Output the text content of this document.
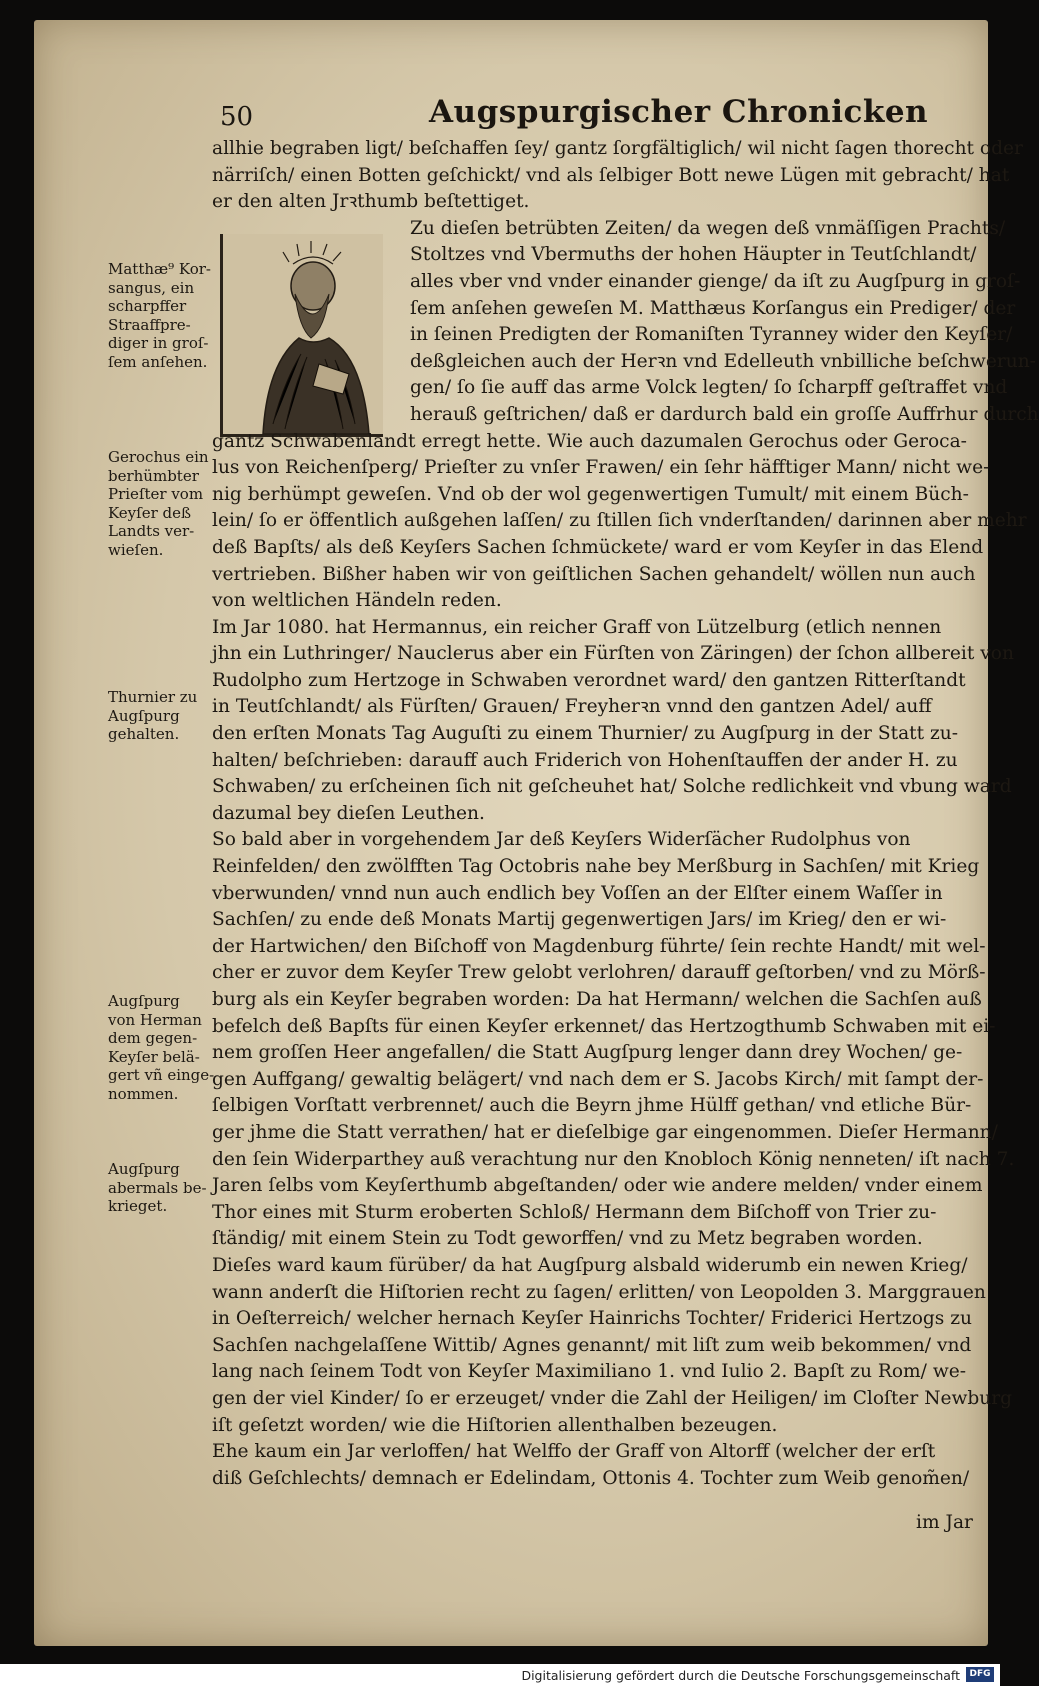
50	Augspurgischer Chronicken
Matthæ⁹ Kor-
sangus, ein
scharpffer
Straaffpre-
diger in groſ-
ſem anſehen.
Gerochus ein
berhümbter
Prieſter vom
Keyſer deß
Landts ver-
wieſen.
Thurnier zu
Augſpurg
gehalten.
Augſpurg
von Herman
dem gegen-
Keyſer belä-
gert vñ einge-
nommen.
Augſpurg
abermals be-
krieget.
allhie begraben ligt/ beſchaffen ſey/ gantz ſorgfältiglich/ wil nicht ſagen thorecht oder
närriſch/ einen Botten geſchickt/ vnd als ſelbiger Bott newe Lügen mit gebracht/ hat
er den alten Jrꝛthumb beſtettiget.
Zu dieſen betrübten Zeiten/ da wegen deß vnmäſſigen Prachts/
Stoltzes vnd Vbermuths der hohen Häupter in Teutſchlandt/
alles vber vnd vnder einander gienge/ da iſt zu Augſpurg in groſ-
ſem anſehen geweſen M. Matthæus Korſangus ein Prediger/ der
in ſeinen Predigten der Romaniſten Tyranney wider den Keyſer/
deßgleichen auch der Herꝛn vnd Edelleuth vnbilliche beſchwerun-
gen/ ſo ſie auff das arme Volck legten/ ſo ſcharpff geſtraffet vnd
herauß geſtrichen/ daß er dardurch bald ein groſſe Auffrhur durch
gantz Schwabenlandt erregt hette. Wie auch dazumalen Gerochus oder Geroca-
lus von Reichenſperg/ Prieſter zu vnſer Frawen/ ein ſehr häfftiger Mann/ nicht we-
nig berhümpt geweſen. Vnd ob der wol gegenwertigen Tumult/ mit einem Büch-
lein/ ſo er öffentlich außgehen laſſen/ zu ſtillen ſich vnderſtanden/ darinnen aber mehr
deß Bapſts/ als deß Keyſers Sachen ſchmückete/ ward er vom Keyſer in das Elend
vertrieben. Bißher haben wir von geiſtlichen Sachen gehandelt/ wöllen nun auch
von weltlichen Händeln reden.
Im Jar 1080. hat Hermannus, ein reicher Graff von Lützelburg (etlich nennen
jhn ein Luthringer/ Nauclerus aber ein Fürſten von Zäringen) der ſchon allbereit von
Rudolpho zum Hertzoge in Schwaben verordnet ward/ den gantzen Ritterſtandt
in Teutſchlandt/ als Fürſten/ Grauen/ Freyherꝛn vnnd den gantzen Adel/ auff
den erſten Monats Tag Auguſti zu einem Thurnier/ zu Augſpurg in der Statt zu-
halten/ beſchrieben: darauff auch Friderich von Hohenſtauffen der ander H. zu
Schwaben/ zu erſcheinen ſich nit geſcheuhet hat/ Solche redlichkeit vnd vbung ward
dazumal bey dieſen Leuthen.
So bald aber in vorgehendem Jar deß Keyſers Widerſächer Rudolphus von
Reinfelden/ den zwölfften Tag Octobris nahe bey Merßburg in Sachſen/ mit Krieg
vberwunden/ vnnd nun auch endlich bey Voſſen an der Elſter einem Waſſer in
Sachſen/ zu ende deß Monats Martij gegenwertigen Jars/ im Krieg/ den er wi-
der Hartwichen/ den Biſchoff von Magdenburg führte/ ſein rechte Handt/ mit wel-
cher er zuvor dem Keyſer Trew gelobt verlohren/ darauff geſtorben/ vnd zu Mörß-
burg als ein Keyſer begraben worden: Da hat Hermann/ welchen die Sachſen auß
befelch deß Bapſts für einen Keyſer erkennet/ das Hertzogthumb Schwaben mit ei-
nem groſſen Heer angefallen/ die Statt Augſpurg lenger dann drey Wochen/ ge-
gen Auffgang/ gewaltig belägert/ vnd nach dem er S. Jacobs Kirch/ mit ſampt der-
ſelbigen Vorſtatt verbrennet/ auch die Beyrn jhme Hülff gethan/ vnd etliche Bür-
ger jhme die Statt verrathen/ hat er dieſelbige gar eingenommen. Dieſer Hermann/
den ſein Widerparthey auß verachtung nur den Knobloch König nenneten/ iſt nach 7.
Jaren ſelbs vom Keyſerthumb abgeſtanden/ oder wie andere melden/ vnder einem
Thor eines mit Sturm eroberten Schloß/ Hermann dem Biſchoff von Trier zu-
ſtändig/ mit einem Stein zu Todt geworffen/ vnd zu Metz begraben worden.
Dieſes ward kaum fürüber/ da hat Augſpurg alsbald widerumb ein newen Krieg/
wann anderſt die Hiſtorien recht zu ſagen/ erlitten/ von Leopolden 3. Marggrauen
in Oeſterreich/ welcher hernach Keyſer Hainrichs Tochter/ Friderici Hertzogs zu
Sachſen nachgelaſſene Wittib/ Agnes genannt/ mit liſt zum weib bekommen/ vnd
lang nach ſeinem Todt von Keyſer Maximiliano 1. vnd Iulio 2. Bapſt zu Rom/ we-
gen der viel Kinder/ ſo er erzeuget/ vnder die Zahl der Heiligen/ im Cloſter Newburg
iſt geſetzt worden/ wie die Hiſtorien allenthalben bezeugen.
Ehe kaum ein Jar verloffen/ hat Welffo der Graff von Altorff (welcher der erſt
diß Geſchlechts/ demnach er Edelindam, Ottonis 4. Tochter zum Weib genom̃en/
im Jar
Digitalisierung gefördert durch die Deutsche Forschungsgemeinschaft	DFG
